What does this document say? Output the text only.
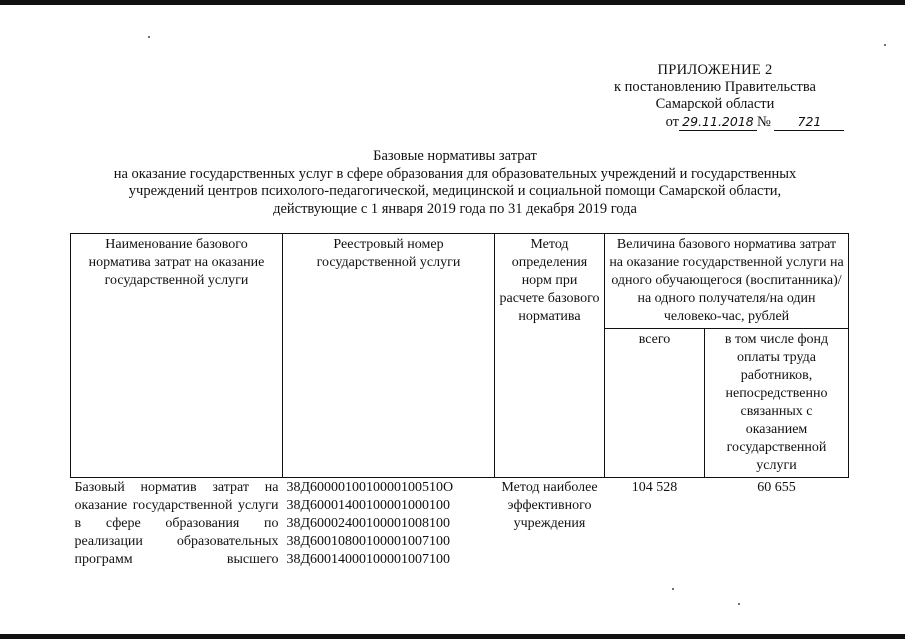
ПРИЛОЖЕНИЕ 2
к постановлению Правительства
Самарской области
от 29.11.2018 № 721
Базовые нормативы затрат
на оказание государственных услуг в сфере образования для образовательных учреждений и государственных
учреждений центров психолого-педагогической, медицинской и социальной помощи Самарской области,
действующие с 1 января 2019 года по 31 декабря 2019 года
Наименование базового норматива затрат на оказание государственной услуги	Реестровый номер государственной услуги	Метод определения норм при расчете базового норматива	Величина базового норматива затрат на оказание государственной услуги на одного обучающегося (воспитанника)/на одного получателя/на один человеко-час, рублей	
			всего	в том числе фонд оплаты труда работников, непосредственно связанных с оказанием государственной услуги
Базовый норматив затрат на оказание государственной услуги в сфере образования по реализации образовательных программ высшего	38Д6000010010000100510О
38Д60001400100001000100
38Д60002400100001008100
38Д60010800100001007100
38Д60014000100001007100	Метод наиболее эффективного учреждения	104 528	60 655
